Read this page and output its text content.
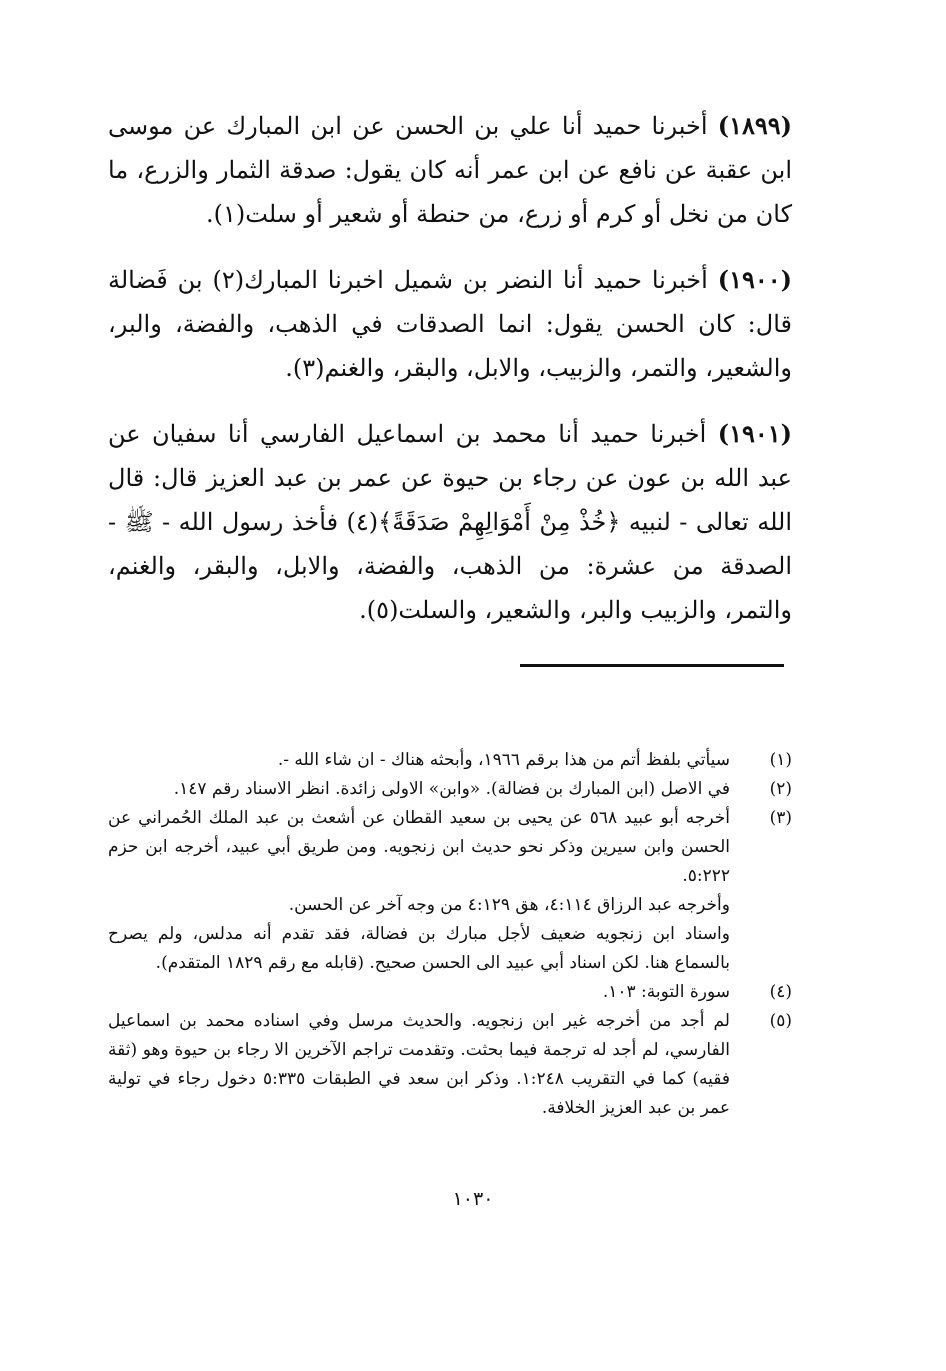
(١٨٩٩) أخبرنا حميد أنا علي بن الحسن عن ابن المبارك عن موسى ابن عقبة عن نافع عن ابن عمر أنه كان يقول: صدقة الثمار والزرع، ما كان من نخل أو كرم أو زرع، من حنطة أو شعير أو سلت(١).

(١٩٠٠) أخبرنا حميد أنا النضر بن شميل اخبرنا المبارك(٢) بن فَضالة قال: كان الحسن يقول: انما الصدقات في الذهب، والفضة، والبر، والشعير، والتمر، والزبيب، والابل، والبقر، والغنم(٣).

(١٩٠١) أخبرنا حميد أنا محمد بن اسماعيل الفارسي أنا سفيان عن عبد الله بن عون عن رجاء بن حيوة عن عمر بن عبد العزيز قال: قال الله تعالى - لنبيه ﴿خُذْ مِنْ أَمْوَالِهِمْ صَدَقَةً﴾(٤) فأخذ رسول الله - ﷺ - الصدقة من عشرة: من الذهب، والفضة، والابل، والبقر، والغنم، والتمر، والزبيب والبر، والشعير، والسلت(٥).

(١)

سيأتي بلفظ أتم من هذا برقم ١٩٦٦، وأبحثه هناك - ان شاء الله -.

(٢)

في الاصل (ابن المبارك بن فضالة). «وابن» الاولى زائدة. انظر الاسناد رقم ١٤٧.

(٣)

أخرجه أبو عبيد ٥٦٨ عن يحيى بن سعيد القطان عن أشعث بن عبد الملك الحُمراني عن الحسن وابن سيرين وذكر نحو حديث ابن زنجويه. ومن طريق أبي عبيد، أخرجه ابن حزم ٥:٢٢٢.

وأخرجه عبد الرزاق ٤:١١٤، هق ٤:١٢٩ من وجه آخر عن الحسن.

واسناد ابن زنجويه ضعيف لأجل مبارك بن فضالة، فقد تقدم أنه مدلس، ولم يصرح بالسماع هنا. لكن اسناد أبي عبيد الى الحسن صحيح. (قابله مع رقم ١٨٢٩ المتقدم).

(٤)

سورة التوبة: ١٠٣.

(٥)

لم أجد من أخرجه غير ابن زنجويه. والحديث مرسل وفي اسناده محمد بن اسماعيل الفارسي، لم أجد له ترجمة فيما بحثت. وتقدمت تراجم الآخرين الا رجاء بن حيوة وهو (ثقة فقيه) كما في التقريب ١:٢٤٨. وذكر ابن سعد في الطبقات ٥:٣٣٥ دخول رجاء في تولية عمر بن عبد العزيز الخلافة.

١٠٣٠
